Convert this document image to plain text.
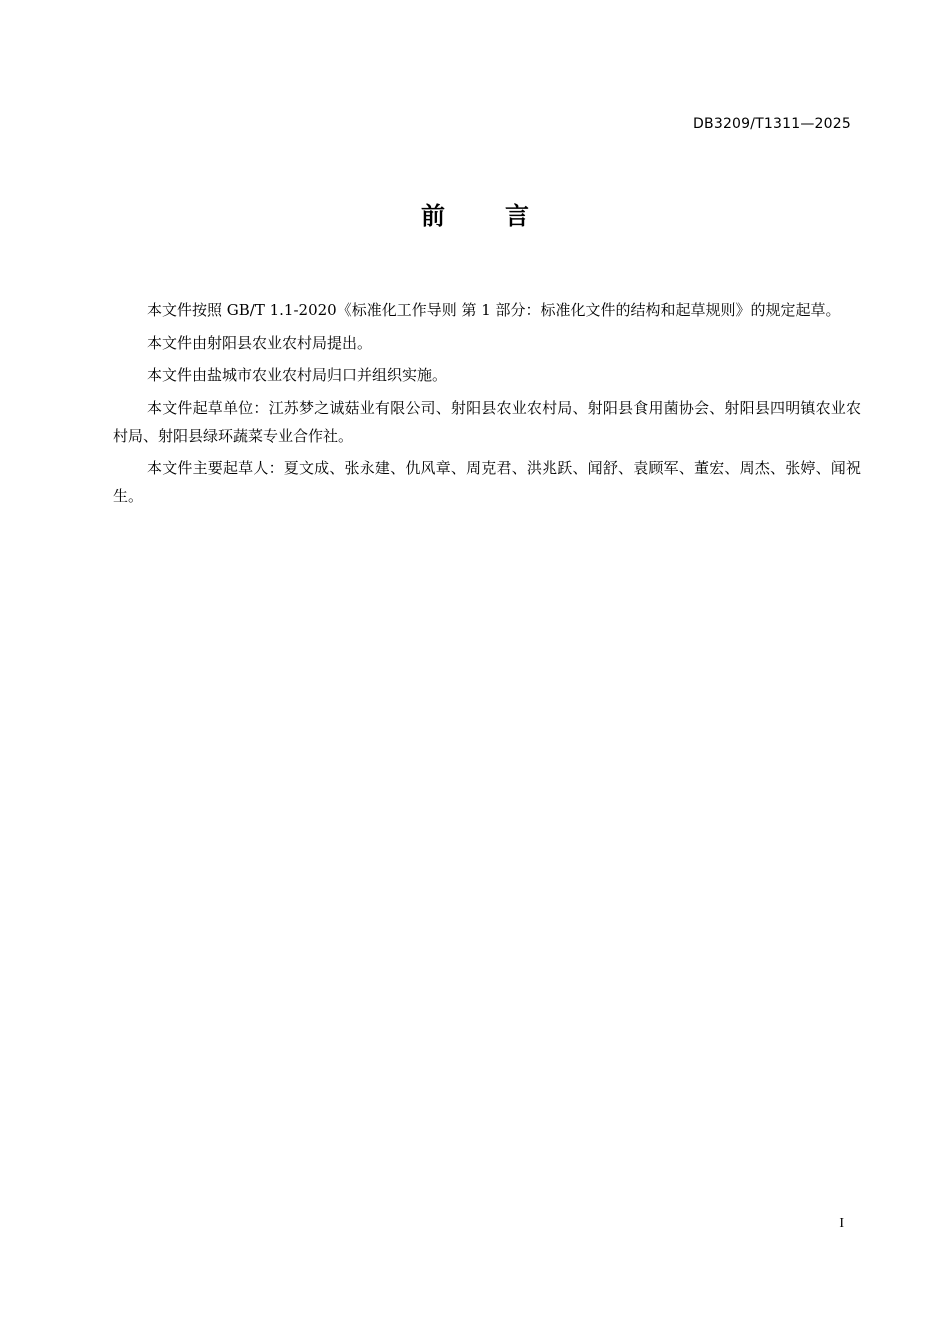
DB3209/T1311—2025
前言

本文件按照 GB/T 1.1-2020《标准化工作导则 第 1 部分：标准化文件的结构和起草规则》的规定起草。

本文件由射阳县农业农村局提出。

本文件由盐城市农业农村局归口并组织实施。

本文件起草单位：江苏梦之诚菇业有限公司、射阳县农业农村局、射阳县食用菌协会、射阳县四明镇农业农村局、射阳县绿环蔬菜专业合作社。

本文件主要起草人：夏文成、张永建、仇风章、周克君、洪兆跃、闻舒、袁顾军、董宏、周杰、张婷、闻祝生。

I
